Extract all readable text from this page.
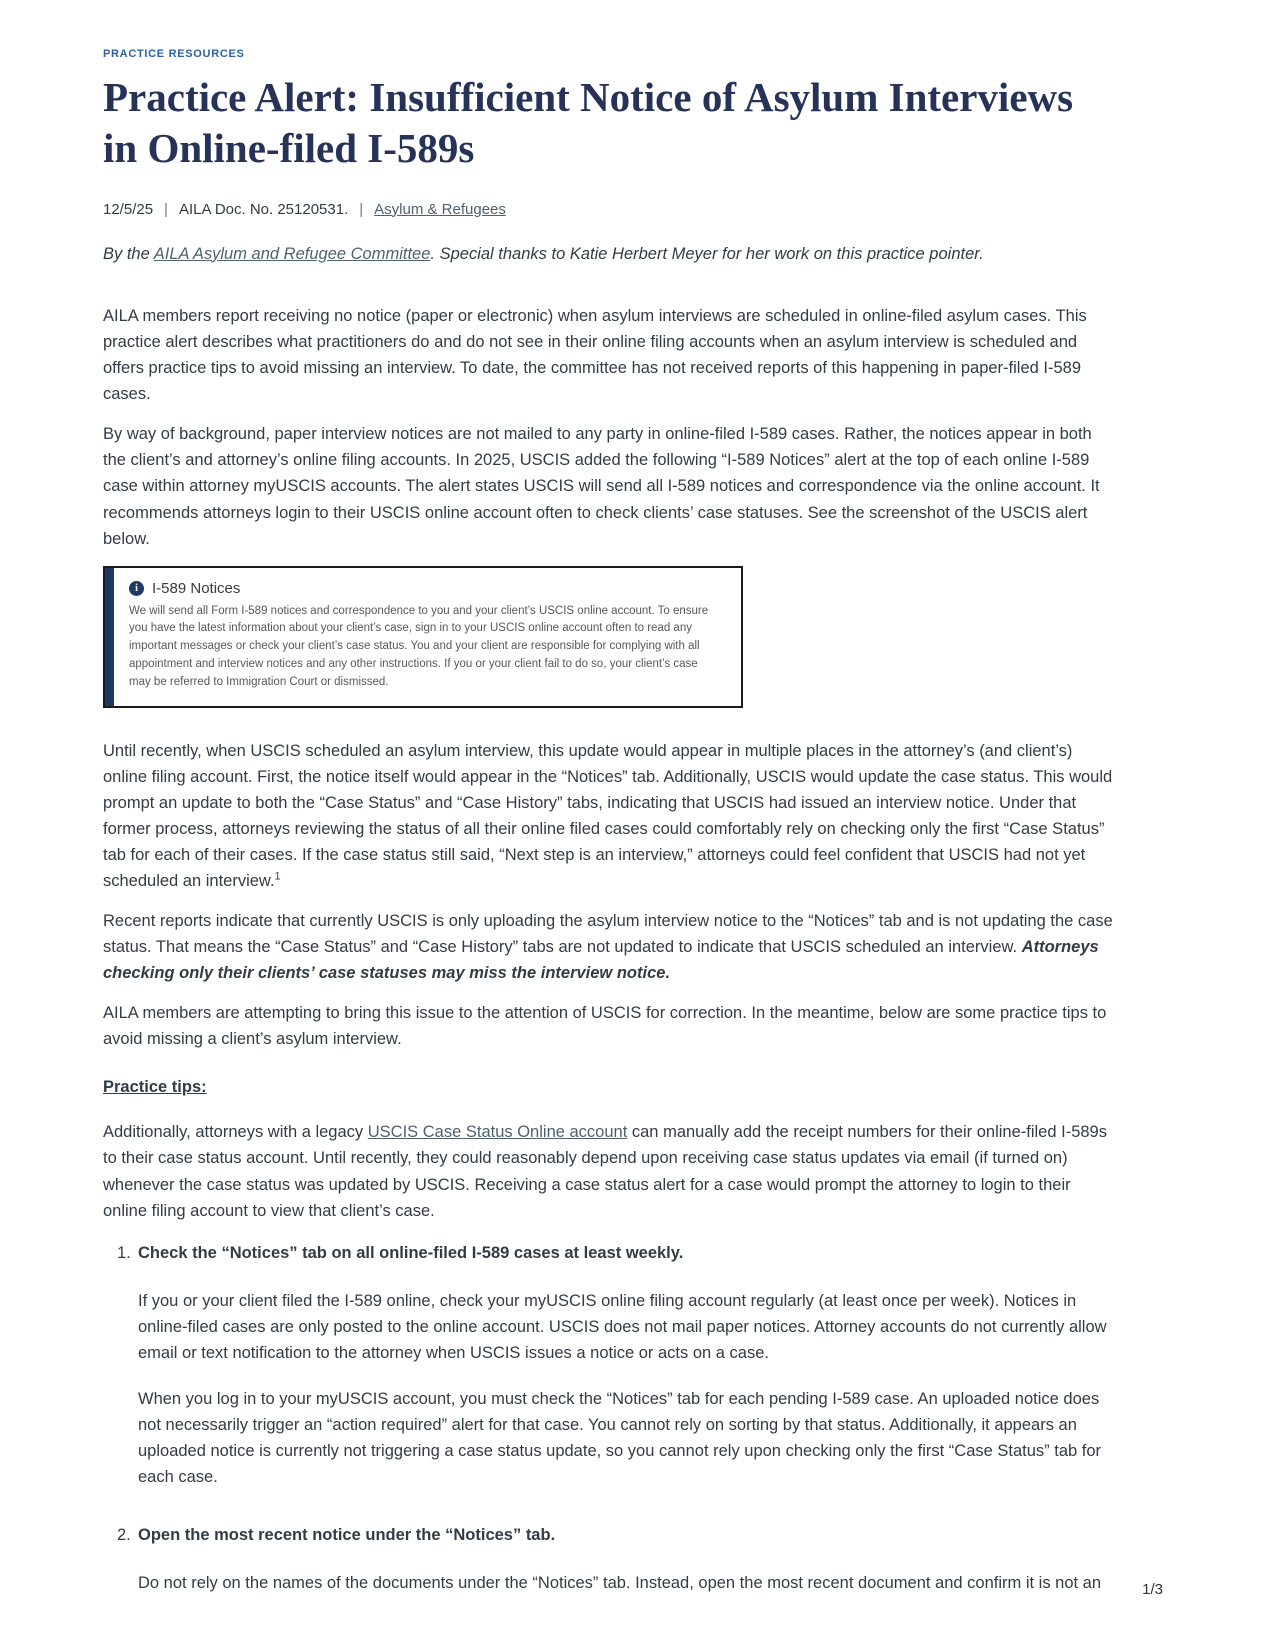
PRACTICE RESOURCES
Practice Alert: Insufficient Notice of Asylum Interviews in Online-filed I-589s
12/5/25 | AILA Doc. No. 25120531. | Asylum & Refugees

By the AILA Asylum and Refugee Committee. Special thanks to Katie Herbert Meyer for her work on this practice pointer.

AILA members report receiving no notice (paper or electronic) when asylum interviews are scheduled in online-filed asylum cases. This practice alert describes what practitioners do and do not see in their online filing accounts when an asylum interview is scheduled and offers practice tips to avoid missing an interview. To date, the committee has not received reports of this happening in paper-filed I-589 cases.

By way of background, paper interview notices are not mailed to any party in online-filed I-589 cases. Rather, the notices appear in both the client’s and attorney’s online filing accounts. In 2025, USCIS added the following “I-589 Notices” alert at the top of each online I-589 case within attorney myUSCIS accounts. The alert states USCIS will send all I-589 notices and correspondence via the online account. It recommends attorneys login to their USCIS online account often to check clients’ case statuses. See the screenshot of the USCIS alert below.

i I-589 Notices

We will send all Form I-589 notices and correspondence to you and your client’s USCIS online account. To ensure you have the latest information about your client’s case, sign in to your USCIS online account often to read any important messages or check your client’s case status. You and your client are responsible for complying with all appointment and interview notices and any other instructions. If you or your client fail to do so, your client’s case may be referred to Immigration Court or dismissed.

Until recently, when USCIS scheduled an asylum interview, this update would appear in multiple places in the attorney’s (and client’s) online filing account. First, the notice itself would appear in the “Notices” tab. Additionally, USCIS would update the case status. This would prompt an update to both the “Case Status” and “Case History” tabs, indicating that USCIS had issued an interview notice. Under that former process, attorneys reviewing the status of all their online filed cases could comfortably rely on checking only the first “Case Status” tab for each of their cases. If the case status still said, “Next step is an interview,” attorneys could feel confident that USCIS had not yet scheduled an interview.$^1$

Recent reports indicate that currently USCIS is only uploading the asylum interview notice to the “Notices” tab and is not updating the case status. That means the “Case Status” and “Case History” tabs are not updated to indicate that USCIS scheduled an interview. Attorneys checking only their clients’ case statuses may miss the interview notice.

AILA members are attempting to bring this issue to the attention of USCIS for correction. In the meantime, below are some practice tips to avoid missing a client’s asylum interview.

Practice tips:

Additionally, attorneys with a legacy USCIS Case Status Online account can manually add the receipt numbers for their online-filed I-589s to their case status account. Until recently, they could reasonably depend upon receiving case status updates via email (if turned on) whenever the case status was updated by USCIS. Receiving a case status alert for a case would prompt the attorney to login to their online filing account to view that client’s case.

1. Check the “Notices” tab on all online-filed I-589 cases at least weekly.

If you or your client filed the I-589 online, check your myUSCIS online filing account regularly (at least once per week). Notices in online-filed cases are only posted to the online account. USCIS does not mail paper notices. Attorney accounts do not currently allow email or text notification to the attorney when USCIS issues a notice or acts on a case.

When you log in to your myUSCIS account, you must check the “Notices” tab for each pending I-589 case. An uploaded notice does not necessarily trigger an “action required” alert for that case. You cannot rely on sorting by that status. Additionally, it appears an uploaded notice is currently not triggering a case status update, so you cannot rely upon checking only the first “Case Status” tab for each case.

2. Open the most recent notice under the “Notices” tab.

Do not rely on the names of the documents under the “Notices” tab. Instead, open the most recent document and confirm it is not an	1/3
